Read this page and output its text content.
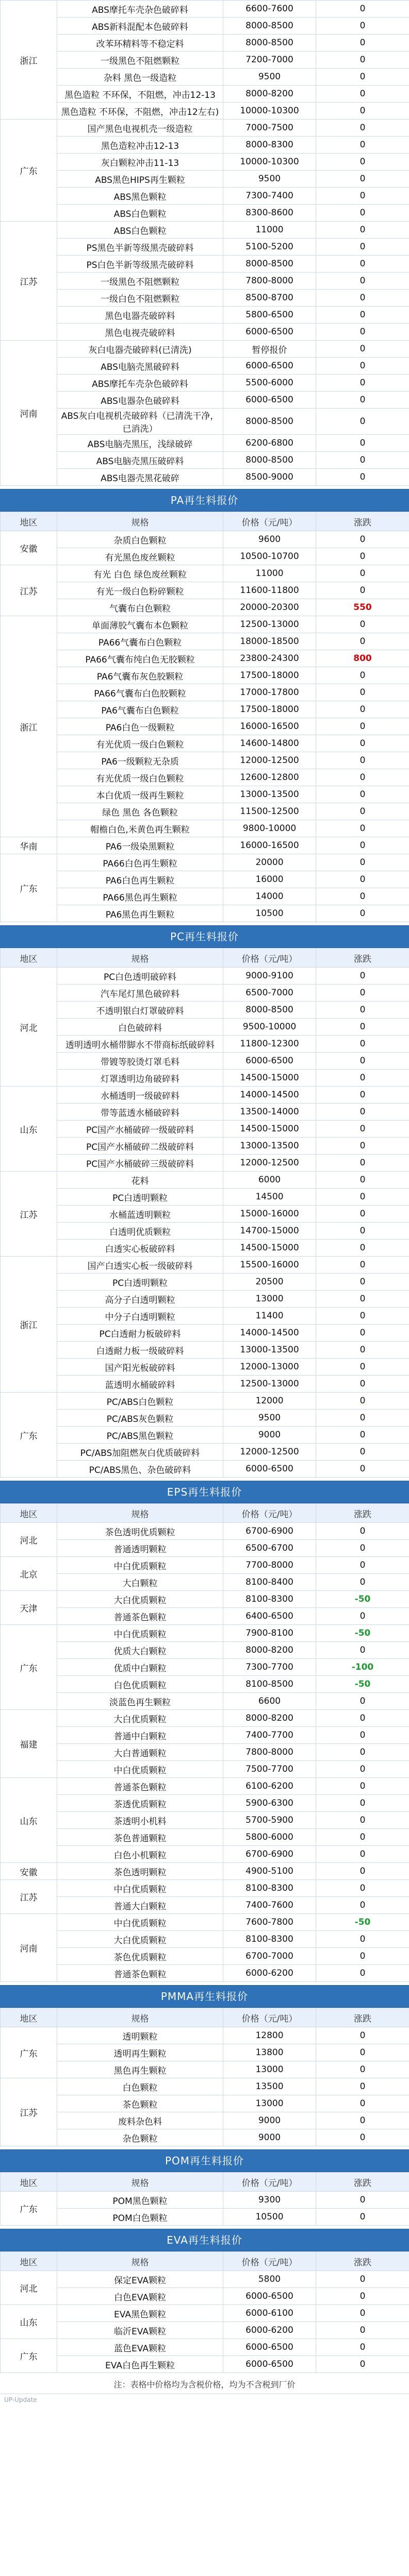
浙江	ABS摩托车壳杂色破碎料	6600-7600	0
	ABS新料混配本色破碎料	8000-8500	0
	改苯环精料等不稳定料	8000-8500	0
	一级黑色不阻燃颗粒	7200-7000	0
	杂料 黑色一级造粒	9500	0
	黑色造粒 不环保，不阻燃，冲击12-13	8000-8200	0
	黑色造粒 不环保，不阻燃，冲击12左右)	10000-10300	0
广东	国产黑色电视机壳一级造粒	7000-7500	0
	黑色造粒冲击12-13	8000-8300	0
	灰白颗粒冲击11-13	10000-10300	0
	ABS黑色HIPS再生颗粒	9500	0
	ABS黑色颗粒	7300-7400	0
	ABS白色颗粒	8300-8600	0
江苏	ABS白色颗粒	11000	0
	PS黑色半新等级黑壳破碎料	5100-5200	0
	PS白色半新等级黑壳破碎料	8000-8500	0
	一级黑色不阻燃颗粒	7800-8000	0
	一级白色不阻燃颗粒	8500-8700	0
	黑色电器壳破碎料	5800-6500	0
	黑色电视壳破碎料	6000-6500	0
河南	灰白电器壳破碎料(已清洗)	暂停报价	0
	ABS电脑壳黑破碎料	6000-6500	0
	ABS摩托车壳杂色破碎料	5500-6000	0
	ABS电器杂色破碎料	6000-6500	0
	ABS灰白电视机壳破碎料（已清洗干净，已消洗）	8000-8500	0
	ABS电脑壳黑压，浅绿破碎	6200-6800	0
	ABS电脑壳黑压破碎料	8000-8500	0
	ABS电器壳黑花破碎	8500-9000	0
PA再生料报价
地区	规格	价格（元/吨）	涨跌
安徽	杂质白色颗粒	9600	0
	有光黑色废丝颗粒	10500-10700	0
江苏	有光 白色 绿色废丝颗粒	11000	0
	有光一级白色粉碎颗粒	11600-11800	0
	气囊布白色颗粒	20000-20300	550
浙江	单面薄胶气囊布本色颗粒	12500-13000	0
	PA66气囊布白色颗粒	18000-18500	0
	PA66气囊布纯白色无胶颗粒	23800-24300	800
	PA6气囊布灰色胶颗粒	17500-18000	0
	PA66气囊布白色胶颗粒	17000-17800	0
	PA6气囊布白色颗粒	17500-18000	0
	PA6白色一级颗粒	16000-16500	0
	有光优质一级白色颗粒	14600-14800	0
	PA6一级颗粒无杂质	12000-12500	0
	有光优质一级白色颗粒	12600-12800	0
	本白优质一级再生颗粒	13000-13500	0
	绿色 黑色 各色颗粒	11500-12500	0
	帽檐白色,米黄色再生颗粒	9800-10000	0
华南	PA6一级染黑颗粒	16000-16500	0
广东	PA66白色再生颗粒	20000	0
	PA6白色再生颗粒	16000	0
	PA66黑色再生颗粒	14000	0
	PA6黑色再生颗粒	10500	0
PC再生料报价
地区	规格	价格（元/吨）	涨跌
河北	PC白色透明破碎料	9000-9100	0
	汽车尾灯黑色破碎料	6500-7000	0
	不透明银白灯罩破碎料	8000-8500	0
	白色破碎料	9500-10000	0
	透明透明水桶带脚水不带商标纸破碎料	11800-12300	0
	带镀等胶烫灯罩毛料	6000-6500	0
	灯罩透明边角破碎料	14500-15000	0
山东	水桶透明一级破碎料	14000-14500	0
	带等蓝透水桶破碎料	13500-14000	0
	PC国产水桶破碎一级破碎料	14500-15000	0
	PC国产水桶破碎二级破碎料	13000-13500	0
	PC国产水桶破碎三级破碎料	12000-12500	0
江苏	花料	6000	0
	PC白透明颗粒	14500	0
	水桶蓝透明颗粒	15000-16000	0
	白透明优质颗粒	14700-15000	0
	白透实心板破碎料	14500-15000	0
浙江	国产白透实心板一级破碎料	15500-16000	0
	PC白透明颗粒	20500	0
	高分子白透明颗粒	13000	0
	中分子白透明颗粒	11400	0
	PC白透耐力板破碎料	14000-14500	0
	白透耐力板一级破碎料	13000-13500	0
	国产阳光板破碎料	12000-13000	0
	蓝透明水桶破碎料	12500-13000	0
广东	PC/ABS白色颗粒	12000	0
	PC/ABS灰色颗粒	9500	0
	PC/ABS黑色颗粒	9000	0
	PC/ABS加阻燃灰白优质破碎料	12000-12500	0
	PC/ABS黑色、杂色破碎料	6000-6500	0
EPS再生料报价
地区	规格	价格（元/吨）	涨跌
河北	茶色透明优质颗粒	6700-6900	0
	普通透明颗粒	6500-6700	0
北京	中白优质颗粒	7700-8000	0
	大白颗粒	8100-8400	0
天津	大白优质颗粒	8100-8300	-50
	普通茶色颗粒	6400-6500	0
广东	中白优质颗粒	7900-8100	-50
	优质大白颗粒	8000-8200	0
	优质中白颗粒	7300-7700	-100
	白色优质颗粒	8100-8500	-50
	淡蓝色再生颗粒	6600	0
福建	大白优质颗粒	8000-8200	0
	普通中白颗粒	7400-7700	0
	大白普通颗粒	7800-8000	0
	中白优质颗粒	7500-7700	0
山东	普通茶色颗粒	6100-6200	0
	茶透优质颗粒	5900-6300	0
	茶透明小机料	5700-5900	0
	茶色普通颗粒	5800-6000	0
	白色小机颗粒	6700-6900	0
安徽	茶色透明颗粒	4900-5100	0
江苏	中白优质颗粒	8100-8300	0
	普通大白颗粒	7400-7600	0
河南	中白优质颗粒	7600-7800	-50
	大白优质颗粒	8100-8300	0
	茶色优质颗粒	6700-7000	0
	普通茶色颗粒	6000-6200	0
PMMA再生料报价
地区	规格	价格（元/吨）	涨跌
广东	透明颗粒	12800	0
	透明再生颗粒	13800	0
	黑色再生颗粒	13000	0
江苏	白色颗粒	13500	0
	茶色颗粒	13000	0
	废料杂色料	9000	0
	杂色颗粒	9000	0
POM再生料报价
地区	规格	价格（元/吨）	涨跌
广东	POM黑色颗粒	9300	0
	POM白色颗粒	10500	0
EVA再生料报价
地区	规格	价格（元/吨）	涨跌
河北	保定EVA颗粒	5800	0
	白色EVA颗粒	6000-6500	0
山东	EVA黑色颗粒	6000-6100	0
	临沂EVA颗粒	6000-6200	0
广东	蓝色EVA颗粒	6000-6500	0
	EVA白色再生颗粒	6000-6500	0
注：表格中价格均为含税价格，均为不含税到厂价
UP-Update
